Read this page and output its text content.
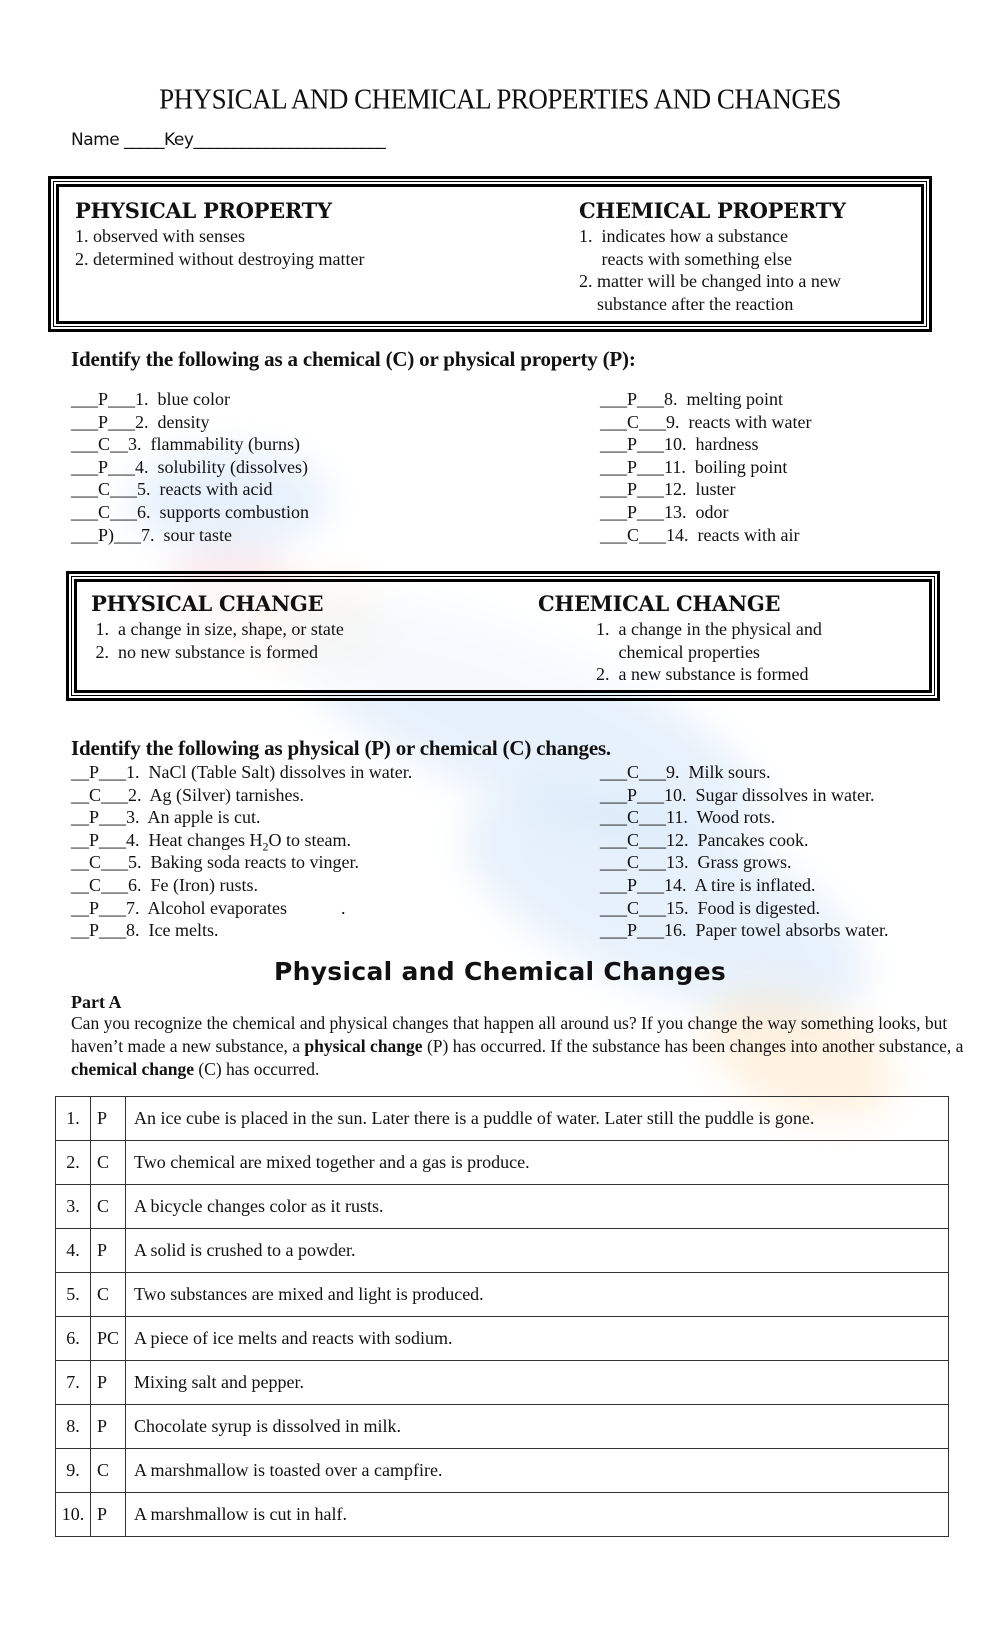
PHYSICAL AND CHEMICAL PROPERTIES AND CHANGES
Name _____Key________________________
PHYSICAL PROPERTY
1. observed with senses
2. determined without destroying matter
CHEMICAL PROPERTY
1.  indicates how a substance
reacts with something else
2. matter will be changed into a new
substance after the reaction
Identify the following as a chemical (C) or physical property (P):
___P___1.  blue color
___P___2.  density
___C__3.  flammability (burns)
___P___4.  solubility (dissolves)
___C___5.  reacts with acid
___C___6.  supports combustion
___P)___7.  sour taste
___P___8.  melting point
___C___9.  reacts with water
___P___10.  hardness
___P___11.  boiling point
___P___12.  luster
___P___13.  odor
___C___14.  reacts with air
PHYSICAL CHANGE
1.  a change in size, shape, or state
2.  no new substance is formed
CHEMICAL CHANGE
1.  a change in the physical and
chemical properties
2.  a new substance is formed
Identify the following as physical (P) or chemical (C) changes.
__P___1.  NaCl (Table Salt) dissolves in water.
__C___2.  Ag (Silver) tarnishes.
__P___3.  An apple is cut.
__P___4.  Heat changes $H_2O$ to steam.
__C___5.  Baking soda reacts to vinger.
__C___6.  Fe (Iron) rusts.
__P___7.  Alcohol evaporates            .
__P___8.  Ice melts.
___C___9.  Milk sours.
___P___10.  Sugar dissolves in water.
___C___11.  Wood rots.
___C___12.  Pancakes cook.
___C___13.  Grass grows.
___P___14.  A tire is inflated.
___C___15.  Food is digested.
___P___16.  Paper towel absorbs water.
Physical and Chemical Changes
Part A
Can you recognize the chemical and physical changes that happen all around us? If you change the way something looks, but haven’t made a new substance, a physical change (P) has occurred. If the substance has been changes into another substance, a chemical change (C) has occurred.
1.	P	An ice cube is placed in the sun. Later there is a puddle of water. Later still the puddle is gone.
2.	C	Two chemical are mixed together and a gas is produce.
3.	C	A bicycle changes color as it rusts.
4.	P	A solid is crushed to a powder.
5.	C	Two substances are mixed and light is produced.
6.	PC	A piece of ice melts and reacts with sodium.
7.	P	Mixing salt and pepper.
8.	P	Chocolate syrup is dissolved in milk.
9.	C	A marshmallow is toasted over a campfire.
10.	P	A marshmallow is cut in half.
